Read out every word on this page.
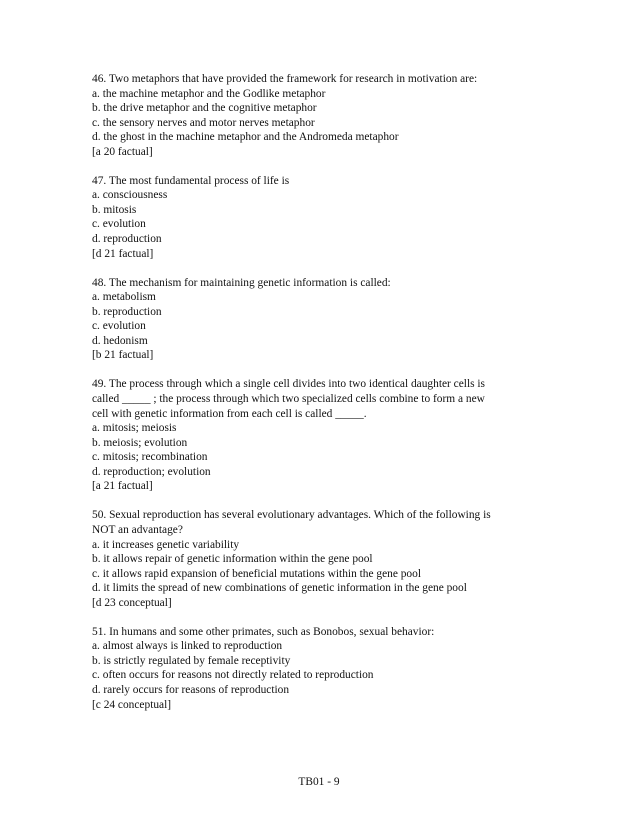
46. Two metaphors that have provided the framework for research in motivation are:
a. the machine metaphor and the Godlike metaphor
b. the drive metaphor and the cognitive metaphor
c. the sensory nerves and motor nerves metaphor
d. the ghost in the machine metaphor and the Andromeda metaphor
[a 20 factual]
47. The most fundamental process of life is
a. consciousness
b. mitosis
c. evolution
d. reproduction
[d 21 factual]
48. The mechanism for maintaining genetic information is called:
a. metabolism
b. reproduction
c. evolution
d. hedonism
[b 21 factual]
49. The process through which a single cell divides into two identical daughter cells is
called _____ ; the process through which two specialized cells combine to form a new
cell with genetic information from each cell is called _____.
a. mitosis; meiosis
b. meiosis; evolution
c. mitosis; recombination
d. reproduction; evolution
[a 21 factual]
50. Sexual reproduction has several evolutionary advantages. Which of the following is
NOT an advantage?
a. it increases genetic variability
b. it allows repair of genetic information within the gene pool
c. it allows rapid expansion of beneficial mutations within the gene pool
d. it limits the spread of new combinations of genetic information in the gene pool
[d 23 conceptual]
51. In humans and some other primates, such as Bonobos, sexual behavior:
a. almost always is linked to reproduction
b. is strictly regulated by female receptivity
c. often occurs for reasons not directly related to reproduction
d. rarely occurs for reasons of reproduction
[c 24 conceptual]
TB01 - 9
